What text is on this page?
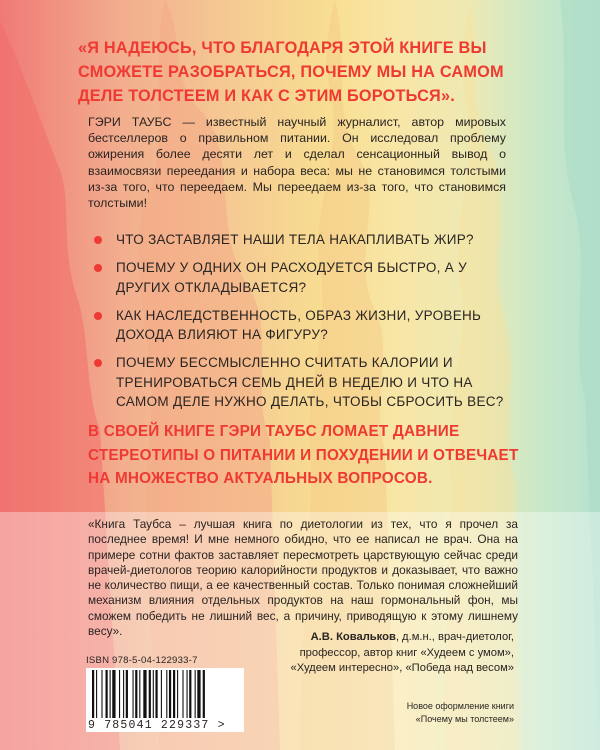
«Я НАДЕЮСЬ, ЧТО БЛАГОДАРЯ ЭТОЙ КНИГЕ ВЫ СМОЖЕТЕ РАЗОБРАТЬСЯ, ПОЧЕМУ МЫ НА САМОМ ДЕЛЕ ТОЛСТЕЕМ И КАК С ЭТИМ БОРОТЬСЯ».
ГЭРИ ТАУБС — известный научный журналист, автор мировых бестселлеров о правильном питании. Он исследовал проблему ожирения более десяти лет и сделал сенсационный вывод о взаимосвязи переедания и набора веса: мы не становимся толстыми из-за того, что переедаем. Мы переедаем из-за того, что становимся толстыми!
ЧТО ЗАСТАВЛЯЕТ НАШИ ТЕЛА НАКАПЛИВАТЬ ЖИР?
ПОЧЕМУ У ОДНИХ ОН РАСХОДУЕТСЯ БЫСТРО, А У ДРУГИХ ОТКЛАДЫВАЕТСЯ?
КАК НАСЛЕДСТВЕННОСТЬ, ОБРАЗ ЖИЗНИ, УРОВЕНЬ ДОХОДА ВЛИЯЮТ НА ФИГУРУ?
ПОЧЕМУ БЕССМЫСЛЕННО СЧИТАТЬ КАЛОРИИ И ТРЕНИРОВАТЬСЯ СЕМЬ ДНЕЙ В НЕДЕЛЮ И ЧТО НА САМОМ ДЕЛЕ НУЖНО ДЕЛАТЬ, ЧТОБЫ СБРОСИТЬ ВЕС?
В СВОЕЙ КНИГЕ ГЭРИ ТАУБС ЛОМАЕТ ДАВНИЕ СТЕРЕОТИПЫ О ПИТАНИИ И ПОХУДЕНИИ И ОТВЕЧАЕТ НА МНОЖЕСТВО АКТУАЛЬНЫХ ВОПРОСОВ.
«Книга Таубса – лучшая книга по диетологии из тех, что я прочел за последнее время! И мне немного обидно, что ее написал не врач. Она на примере сотни фактов заставляет пересмотреть царствующую сейчас среди врачей-диетологов теорию калорийности продуктов и доказывает, что важно не количество пищи, а ее качественный состав. Только понимая сложнейший механизм влияния отдельных продуктов на наш гормональный фон, мы сможем победить не лишний вес, а причину, приводящую к этому лишнему весу».	А.В. Ковальков, д.м.н., врач-диетолог,
профессор, автор книг «Худеем с умом»,
«Худеем интересно», «Победа над весом»
ISBN 978-5-04-122933-7
9 785041 229337 >
Новое оформление книги
«Почему мы толстеем»
